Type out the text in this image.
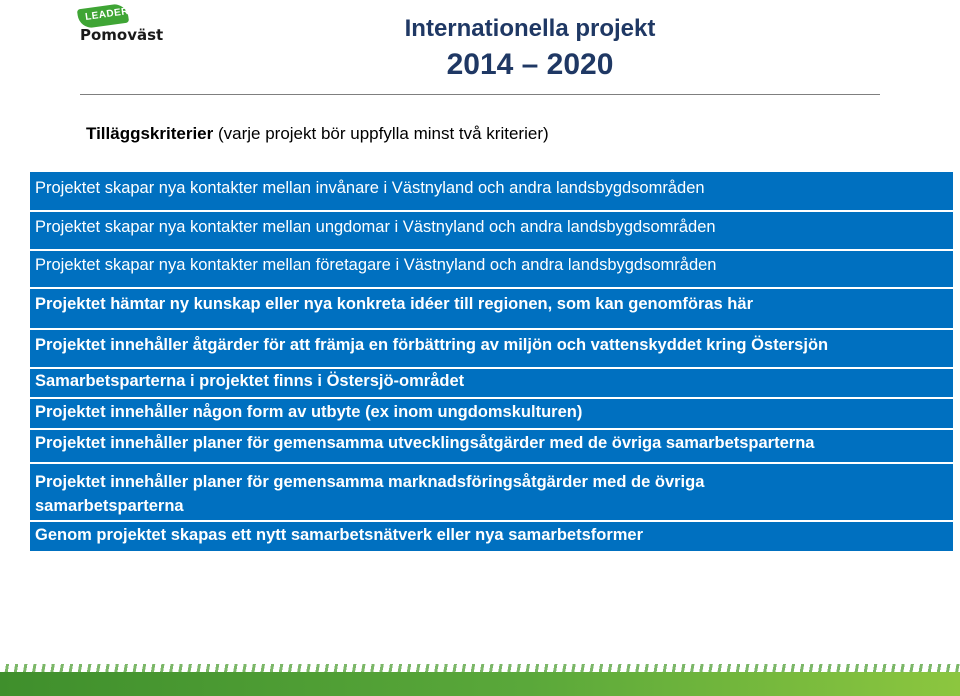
LEADER
Pomoväst	Internationella projekt
2014 – 2020
Tilläggskriterier (varje projekt bör uppfylla minst två kriterier)
Projektet skapar nya kontakter mellan invånare i Västnyland och andra landsbygdsområden
Projektet skapar nya kontakter mellan ungdomar i Västnyland och andra landsbygdsområden
Projektet skapar nya kontakter mellan företagare i Västnyland och andra landsbygdsområden
Projektet hämtar ny kunskap eller nya konkreta idéer till regionen, som kan genomföras här
Projektet innehåller åtgärder för att främja en förbättring av miljön och vattenskyddet kring Östersjön
Samarbetsparterna i projektet finns i Östersjö-området
Projektet innehåller någon form av utbyte (ex inom ungdomskulturen)
Projektet innehåller planer för gemensamma utvecklingsåtgärder med de övriga samarbetsparterna
Projektet innehåller planer för gemensamma marknadsföringsåtgärder med de övriga samarbetsparterna
Genom projektet skapas ett nytt samarbetsnätverk eller nya samarbetsformer
